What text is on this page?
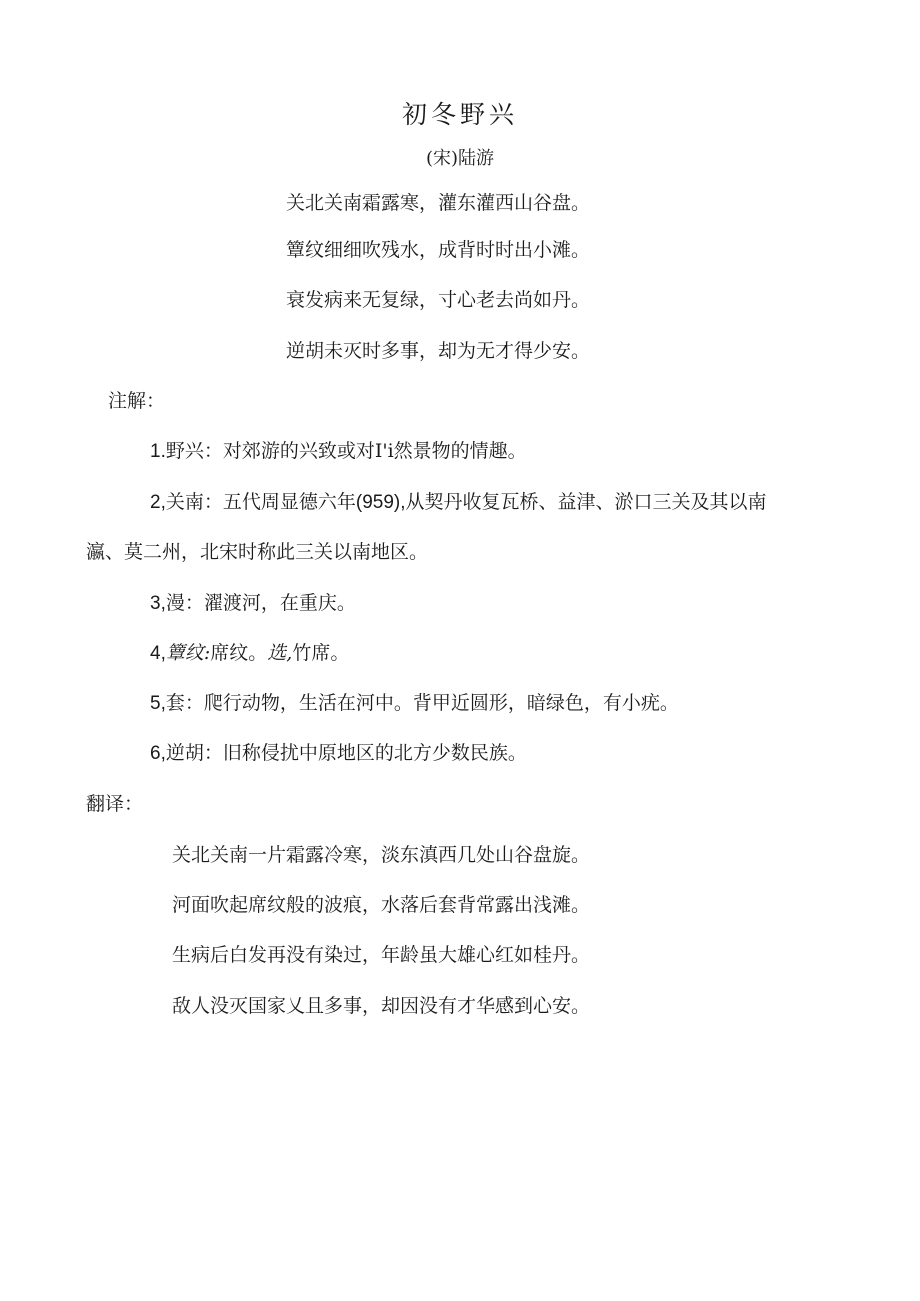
初冬野兴
(宋)陆游
关北关南霜露寒，灌东灌西山谷盘。
簟纹细细吹残水，成背时时出小滩。
衰发病来无复绿，寸心老去尚如丹。
逆胡未灭时多事，却为无才得少安。
注解：
1.野兴：对郊游的兴致或对I'i然景物的情趣。
2,关南：五代周显德六年(959),从契丹收复瓦桥、益津、淤口三关及其以南
瀛、莫二州，北宋时称此三关以南地区。
3,漫：濯渡河，在重庆。
4,簟纹:席纹。选,竹席。
5,套：爬行动物，生活在河中。背甲近圆形，暗绿色，有小疣。
6,逆胡：旧称侵扰中原地区的北方少数民族。
翻译：
关北关南一片霜露冷寒，淡东滇西几处山谷盘旋。
河面吹起席纹般的波痕，水落后套背常露出浅滩。
生病后白发再没有染过，年龄虽大雄心红如桂丹。
敌人没灭国家乂且多事，却因没有才华感到心安。
